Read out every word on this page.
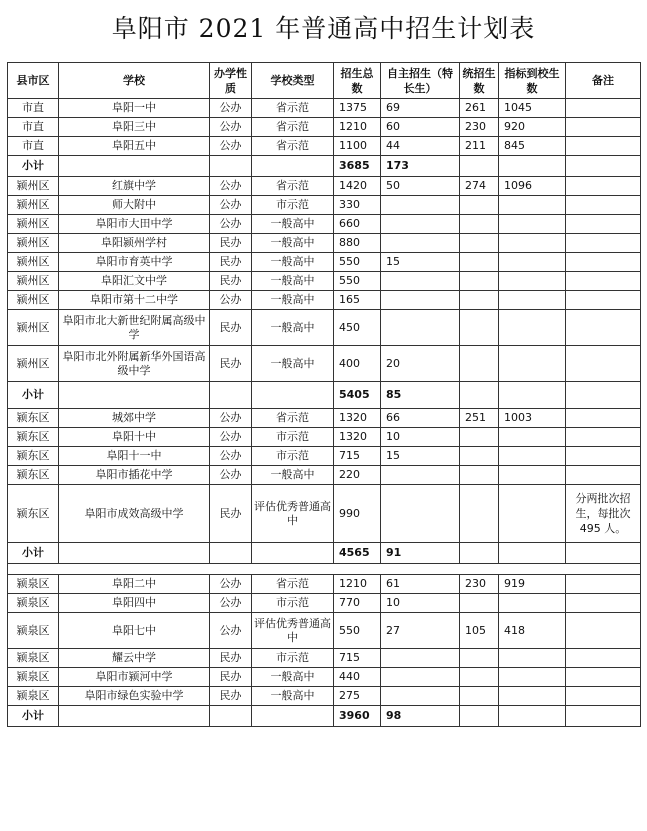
阜阳市 2021 年普通高中招生计划表
县市区	学校	办学性质	学校类型	招生总数	自主招生（特长生）	统招生数	指标到校生数	备注
市直	阜阳一中	公办	省示范	1375	69	261	1045	
市直	阜阳三中	公办	省示范	1210	60	230	920	
市直	阜阳五中	公办	省示范	1100	44	211	845	
小计				3685	173			
颍州区	红旗中学	公办	省示范	1420	50	274	1096	
颍州区	师大附中	公办	市示范	330				
颍州区	阜阳市大田中学	公办	一般高中	660				
颍州区	阜阳颍州学村	民办	一般高中	880				
颍州区	阜阳市育英中学	民办	一般高中	550	15			
颍州区	阜阳汇文中学	民办	一般高中	550				
颍州区	阜阳市第十二中学	公办	一般高中	165				
颍州区	阜阳市北大新世纪附属高级中学	民办	一般高中	450				
颍州区	阜阳市北外附属新华外国语高级中学	民办	一般高中	400	20			
小计				5405	85			
颍东区	城郊中学	公办	省示范	1320	66	251	1003	
颍东区	阜阳十中	公办	市示范	1320	10			
颍东区	阜阳十一中	公办	市示范	715	15			
颍东区	阜阳市插花中学	公办	一般高中	220				
颍东区	阜阳市成效高级中学	民办	评估优秀普通高中	990				分两批次招生，每批次 495 人。
小计				4565	91			

颍泉区	阜阳二中	公办	省示范	1210	61	230	919	
颍泉区	阜阳四中	公办	市示范	770	10			
颍泉区	阜阳七中	公办	评估优秀普通高中	550	27	105	418	
颍泉区	耀云中学	民办	市示范	715				
颍泉区	阜阳市颍河中学	民办	一般高中	440				
颍泉区	阜阳市绿色实验中学	民办	一般高中	275				
小计				3960	98			
